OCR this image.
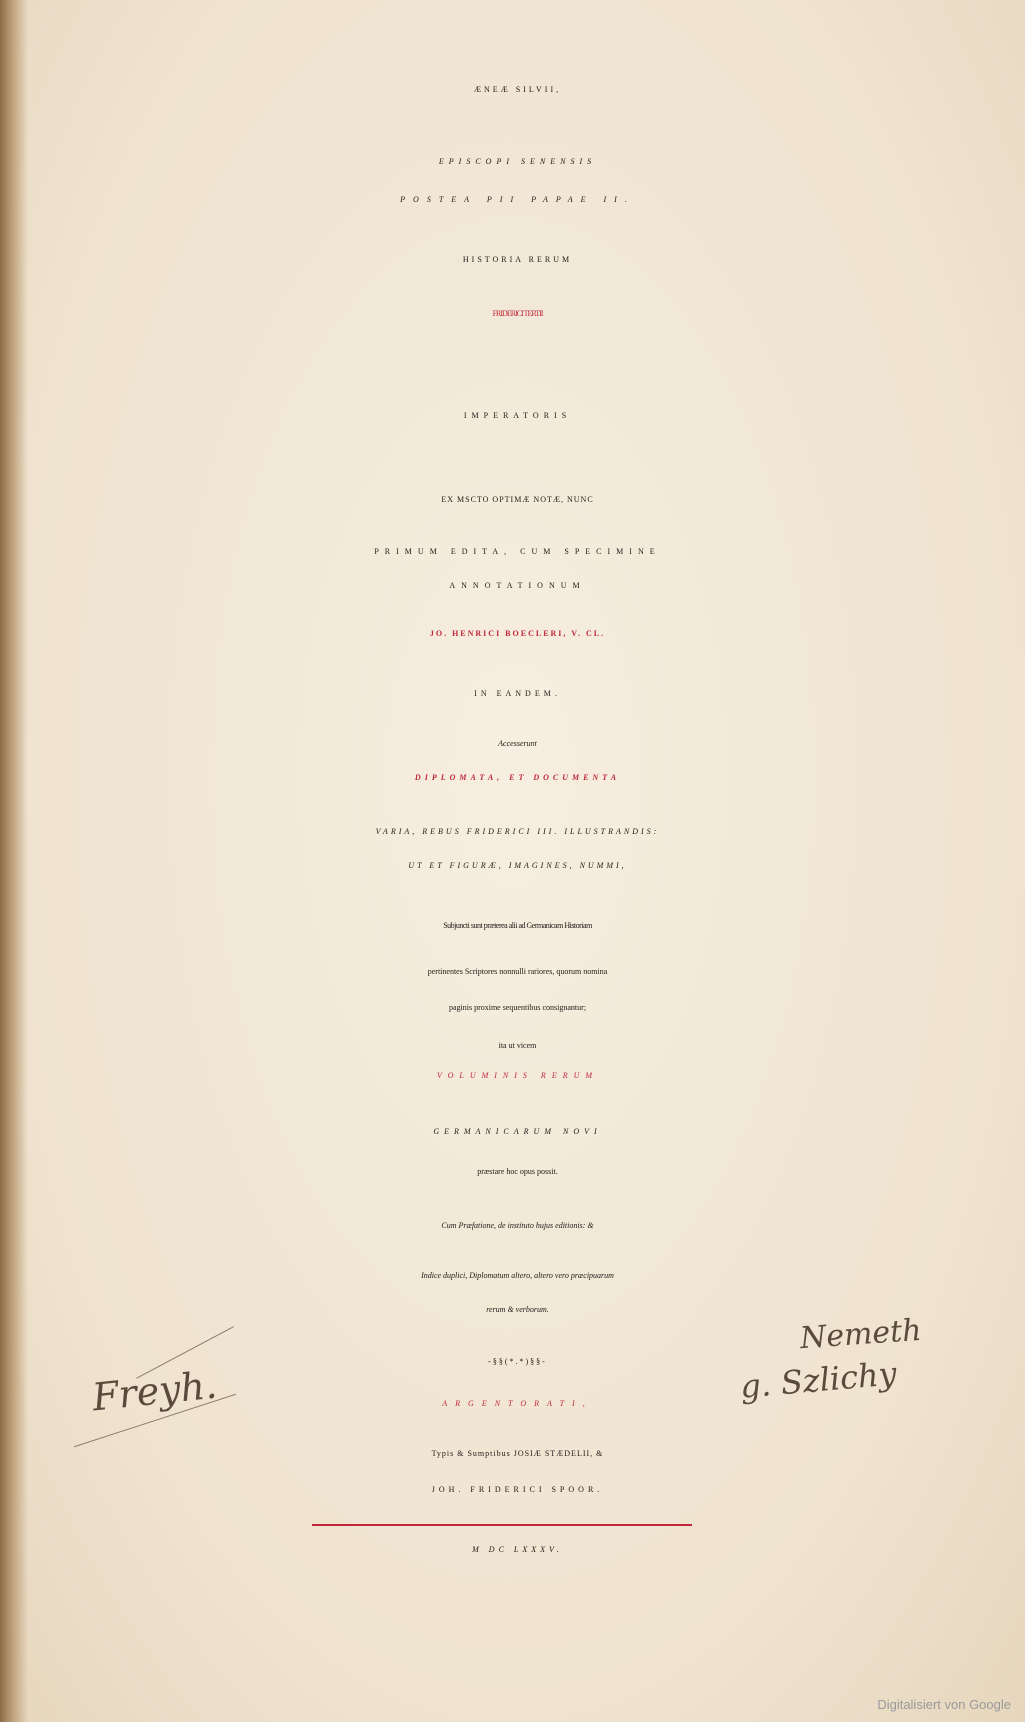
ÆNEÆ SILVII,
EPISCOPI SENENSIS
POSTEA PII PAPAE II.
HISTORIA RERUM
FRIDERICI TERTII
IMPERATORIS
EX MSCTO OPTIMÆ NOTÆ, NUNC
PRIMUM EDITA, CUM SPECIMINE
ANNOTATIONUM
JO. HENRICI BOECLERI, V. CL.
IN EANDEM.
Accesserunt
DIPLOMATA, ET DOCUMENTA
VARIA, REBUS FRIDERICI III. ILLUSTRANDIS:
UT ET FIGURÆ, IMAGINES, NUMMI,
Subjuncti sunt præterea alii ad Germanicam Historiam
pertinentes Scriptores nonnulli rariores, quorum nomina
paginis proxime sequentibus consignantur;
ita ut vicem
VOLUMINIS RERUM
GERMANICARUM NOVI
præstare hoc opus possit.
Cum Præfatione, de instituto hujus editionis: &
Indice duplici, Diplomatum altero, altero vero præcipuarum
rerum & verborum.
-§§(*.*)§§-
ARGENTORATI,
Typis & Sumptibus JOSIÆ STÆDELII, &
JOH. FRIDERICI SPOOR.
M DC LXXXV.
Freyh.
Nemeth
g. Szlichy
Digitalisiert von Google
